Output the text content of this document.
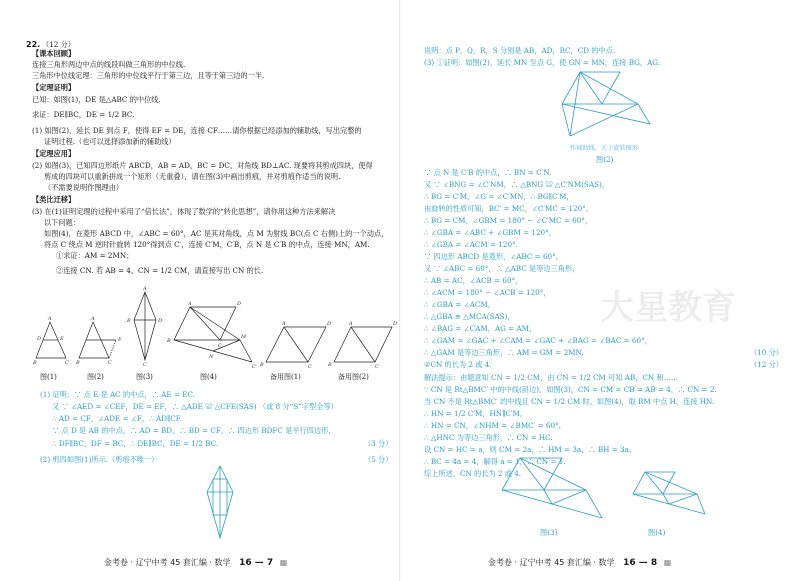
22. （12 分）
【课本回顾】
连接三角形两边中点的线段叫做三角形的中位线.
三角形中位线定理：三角形的中位线平行于第三边，且等于第三边的一半.
【定理证明】
已知：如图(1)，DE 是△ABC 的中位线.
求证：DE∥BC，DE = 1/2 BC.
(1) 如图(2)，延长 DE 到点 F，使得 EF = DE，连接 CF……请你根据已经添加的辅助线，写出完整的
证明过程.（也可以选择添加新的辅助线）
【定理应用】
(2) 如图(3)，已知四边形纸片 ABCD，AB = AD，BC = DC，对角线 BD⊥AC. 现要将其剪成四块，使得
剪成的四块可以重新拼成一个矩形（无重叠），请在图(3)中画出剪痕，并对剪痕作适当的说明.
（不需要说明作图理由）
【类比迁移】
(3) 在(1)证明定理的过程中采用了“倍长法”，体现了数学的“转化思想”，请你用这种方法来解决
以下问题：
如图(4)，在菱形 ABCD 中，∠ABC = 60°，AC 是其对角线，点 M 为射线 BC(点 C 右侧)上的一个动点，
将点 C 绕点 M 逆时针旋转 120°得到点 C′，连接 C′M，C′B，点 N 是 C′B 的中点，连接 MN，AM.
①求证：AM = 2MN；
②连接 CN. 若 AB = 4，CN = 1/2 CM，请直接写出 CN 的长.
A
B	C
D	E
A
B	C
F
A
B	D
C
A	D
B
C
M
N
C′
A	D
B	C
A	D
B	C
图(1)	图(2)	图(3)	图(4)	备用图(1)	备用图(2)
(1) 证明：∵ 点 E 是 AC 的中点，∴ AE = EC.
又 ∵ ∠AED = ∠CEF，DE = EF，∴ △ADE ≌ △CFE(SAS) （或 8 分“S”字型全等）
∴ AD = CF，∠ADE = ∠F，∴ AD∥CF.
∵ 点 D 是 AB 的中点，∴ AD = BD，∴ BD = CF，∴ 四边形 BDFC 是平行四边形，
∴ DF∥BC，DF = BC，∴ DE∥BC，DE = 1/2 BC.	（3 分）
(2) 剪四如图(1)所示.（剪痕不唯一）	（5 分）
金考卷 · 辽宁中考 45 套汇编 · 数学 16 — 7 ▦
大星教育
说明：点 P，Q，R，S 分别是 AB，AD，BC，CD 的中点.
(3) ①证明：如图(2)，延长 MN 至点 G，使 GN = MN，连接 BG，AG.
作辅助线，关于旋转图形
图(2)
∵ 点 N 是 C′B 的中点，∴ BN = C′N.
又 ∵ ∠BNG = ∠C′NM，∴ △BNG ≌ △C′NM(SAS)，
∴ BG = C′M，∠G = ∠C′MN，∴ BG∥C′M，
由旋转的性质可知，BC′ = MC，∠C′MC = 120°，
∴ BG = CM，∠GBM = 180° − ∠C′MC = 60°，
∴ ∠GBA = ∠ABC + ∠GBM = 120°，
∴ ∠GBA = ∠ACM = 120°.
∵ 四边形 ABCD 是菱形，∠ABC = 60°，
又 ∵ ∠ABC = 60°，∴ △ABC 是等边三角形，
∴ AB = AC，∠ACB = 60°，
∴ ∠ACM = 180° − ∠ACB = 120°，
∴ ∠GBA = ∠ACM，
∴ △GBA ≌ △MCA(SAS)，
∴ ∠BAG = ∠CAM，AG = AM，
∴ ∠GAM = ∠GAC + ∠CAM = ∠GAC + ∠BAG = ∠BAC = 60°，
∴ △GAM 是等边三角形，∴ AM = GM = 2MN.	（10 分）
②CN 的长为 2 或 4.	（12 分）
解法提示：由题意知 CN = 1/2 CM，由 CN = 1/2 CM 可知 AB，CN 和……
∵ CN 是 Rt△BMC′ 中的中线(斜边)，如图(3)，CN = CM = CB = AB = 4，∴ CN = 2.
当 CN 不是 Rt△BMC′ 的中线且 CN = 1/2 CM 时，如图(4)，取 BM 中点 H，连接 HN.
∴ HN = 1/2 C′M，HN∥C′M，
∴ HN = CN，∠NHM = ∠BMC′ = 60°，
∴ △HNC 为等边三角形，∴ CN = HC.
设 CN = HC = a，则 CM = 2a，∴ HM = 3a，∴ BH = 3a，
∴ BC = 4a = 4，解得 a = 1，∴ CN = 1.
综上所述，CN 的长为 2 或 4.
图(3)	图(4)
金考卷 · 辽宁中考 45 套汇编 · 数学 16 — 8 ▦
